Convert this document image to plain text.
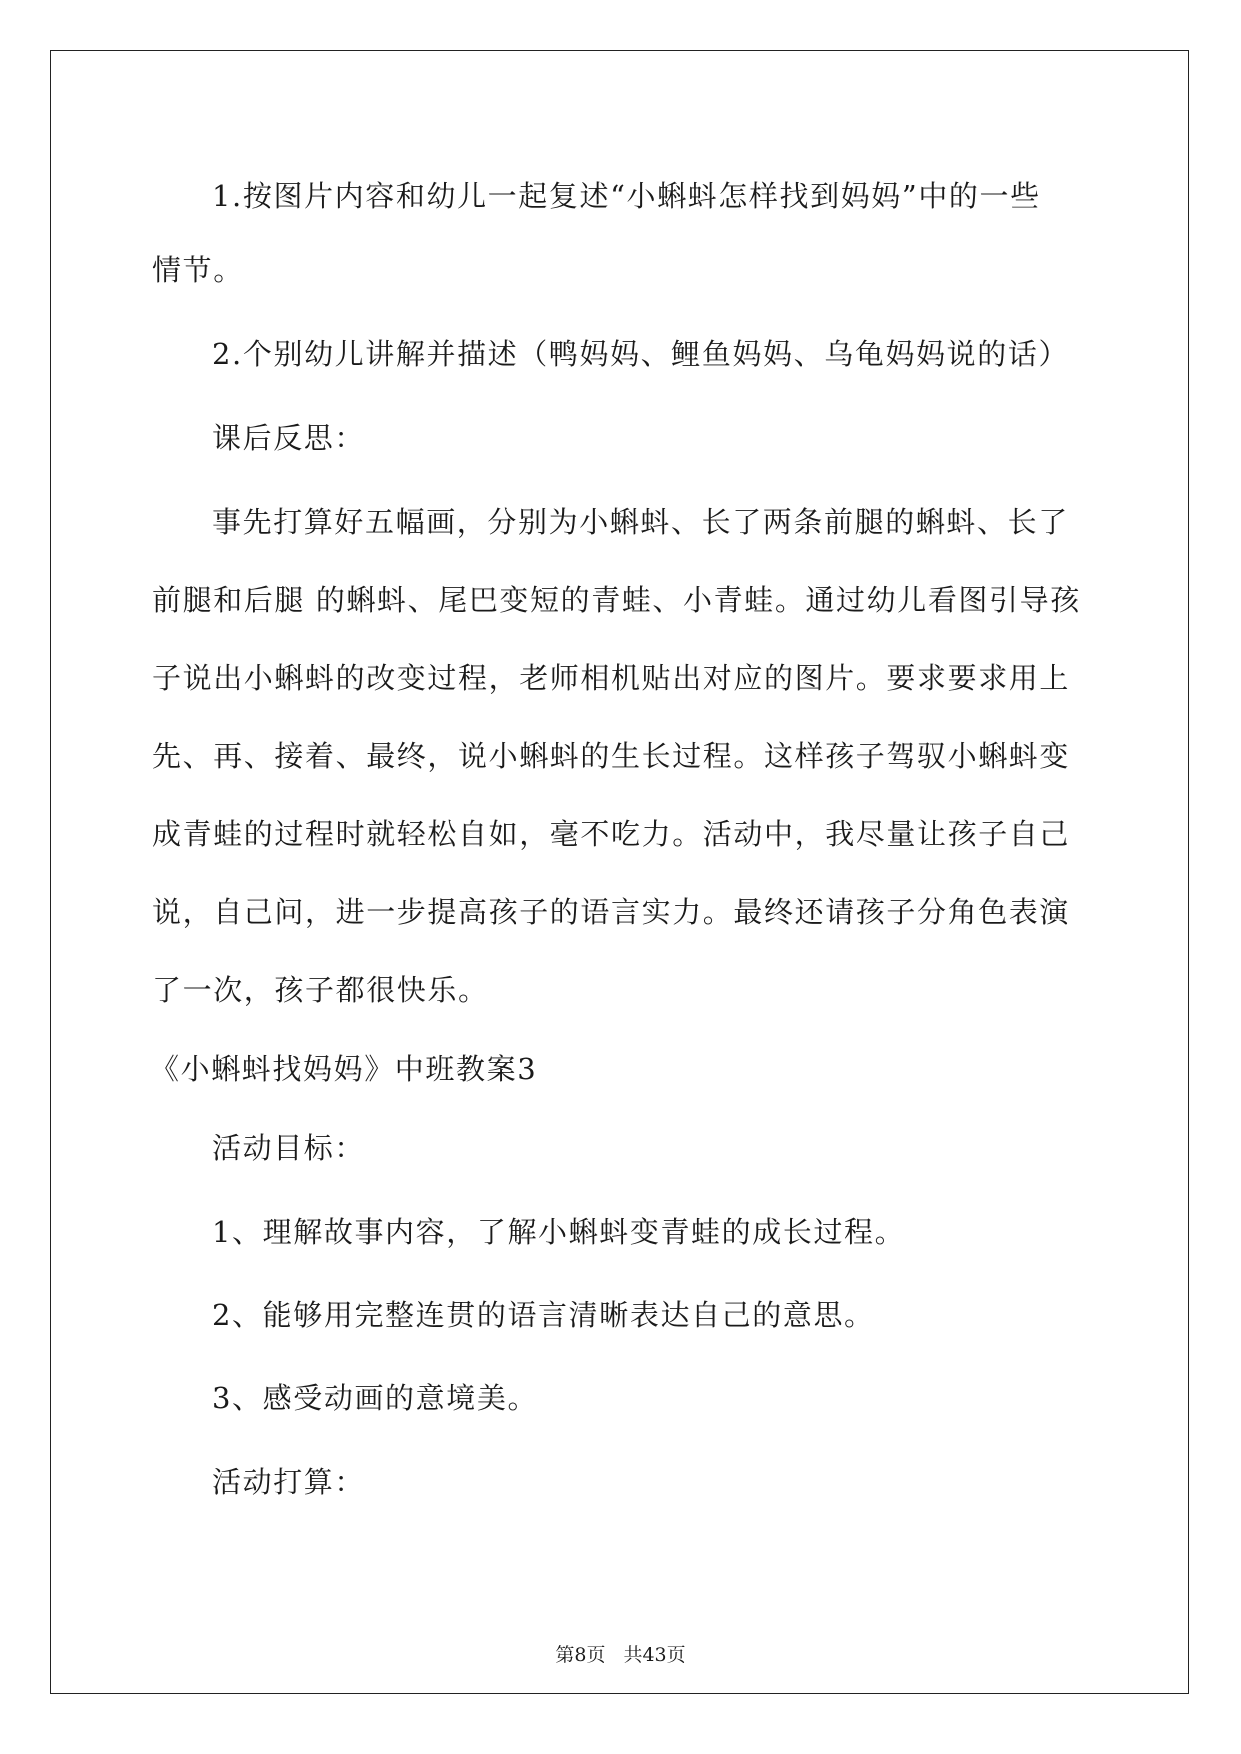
1.按图片内容和幼儿一起复述“小蝌蚪怎样找到妈妈”中的一些

情节。

2.个别幼儿讲解并描述（鸭妈妈、鲤鱼妈妈、乌龟妈妈说的话）

课后反思：

事先打算好五幅画，分别为小蝌蚪、长了两条前腿的蝌蚪、长了

前腿和后腿 的蝌蚪、尾巴变短的青蛙、小青蛙。通过幼儿看图引导孩

子说出小蝌蚪的改变过程，老师相机贴出对应的图片。要求要求用上

先、再、接着、最终，说小蝌蚪的生长过程。这样孩子驾驭小蝌蚪变

成青蛙的过程时就轻松自如，毫不吃力。活动中，我尽量让孩子自己

说，自己问，进一步提高孩子的语言实力。最终还请孩子分角色表演

了一次，孩子都很快乐。

《小蝌蚪找妈妈》中班教案3

活动目标：

1、理解故事内容，了解小蝌蚪变青蛙的成长过程。

2、能够用完整连贯的语言清晰表达自己的意思。

3、感受动画的意境美。

活动打算：

第8页 共43页
